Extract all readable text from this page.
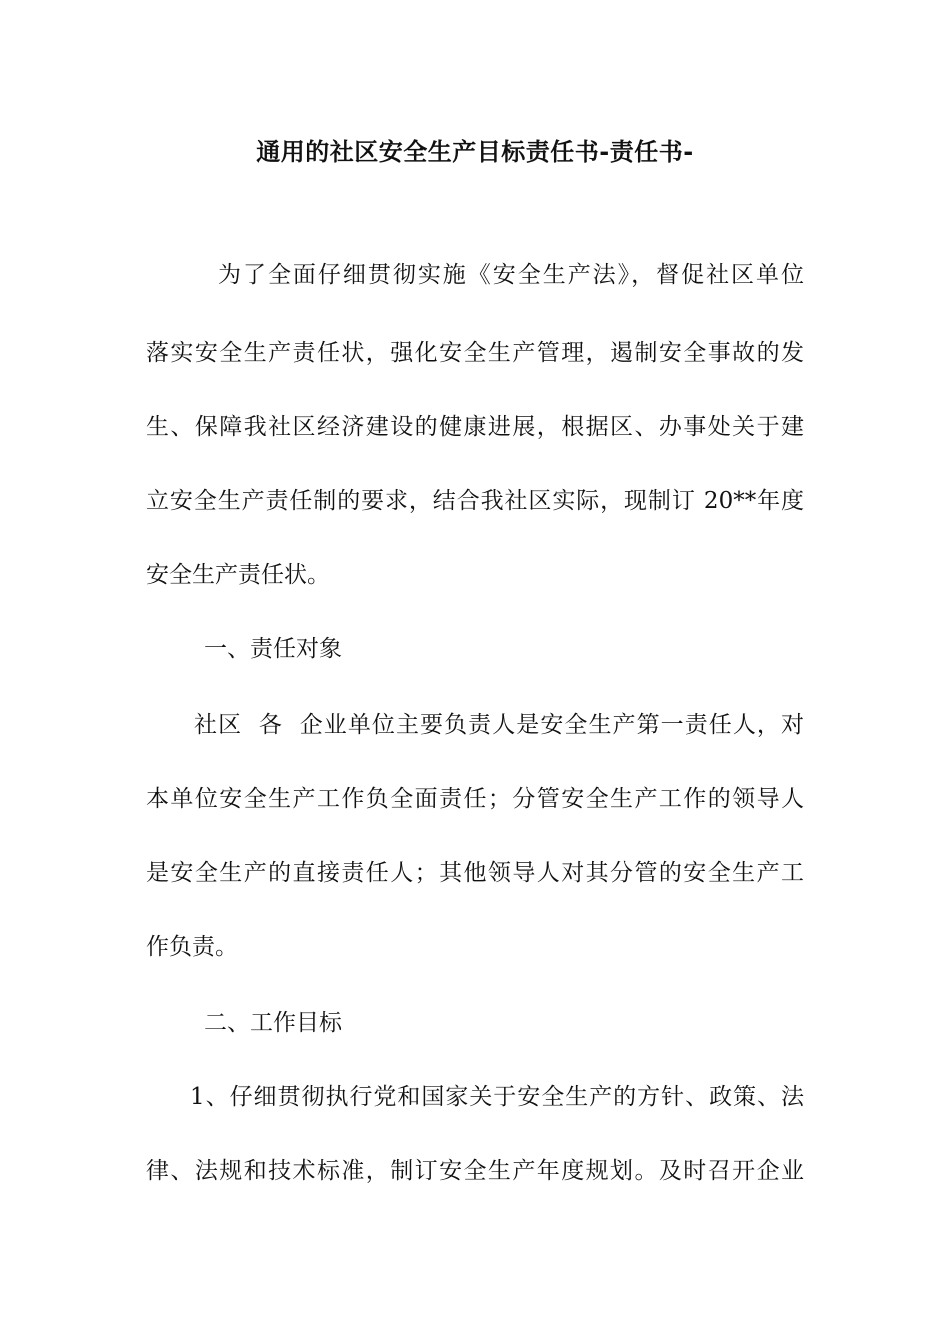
通用的社区安全生产目标责任书-责任书-
为了全面仔细贯彻实施《安全生产法》，督促社区单位
落实安全生产责任状，强化安全生产管理，遏制安全事故的发
生、保障我社区经济建设的健康进展，根据区、办事处关于建
立安全生产责任制的要求，结合我社区实际，现制订 20**年度
安全生产责任状。
一、责任对象
社区  各  企业单位主要负责人是安全生产第一责任人，对
本单位安全生产工作负全面责任；分管安全生产工作的领导人
是安全生产的直接责任人；其他领导人对其分管的安全生产工
作负责。
二、工作目标
1、仔细贯彻执行党和国家关于安全生产的方针、政策、法
律、法规和技术标准，制订安全生产年度规划。及时召开企业
